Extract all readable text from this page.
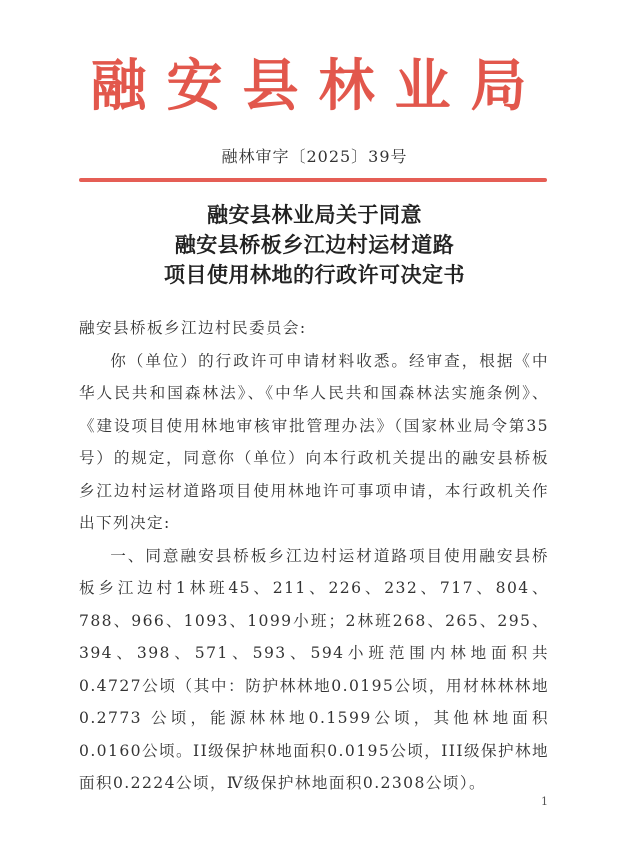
融安县林业局
融林审字〔2025〕39号
融安县林业局关于同意
融安县桥板乡江边村运材道路
项目使用林地的行政许可决定书

融安县桥板乡江边村民委员会:

你（单位）的行政许可申请材料收悉。经审查，根据《中华人民共和国森林法》、《中华人民共和国森林法实施条例》、《建设项目使用林地审核审批管理办法》（国家林业局令第35号）的规定，同意你（单位）向本行政机关提出的融安县桥板乡江边村运材道路项目使用林地许可事项申请，本行政机关作出下列决定:

一、同意融安县桥板乡江边村运材道路项目使用融安县桥板乡江边村1林班45、211、226、232、717、804、788、966、1093、1099小班；2林班268、265、295、394、398、571、593、594小班范围内林地面积共0.4727公顷（其中：防护林林地0.0195公顷，用材林林林地0.2773 公顷，能源林林地0.1599公顷，其他林地面积0.0160公顷。II级保护林地面积0.0195公顷，III级保护林地面积0.2224公顷，Ⅳ级保护林地面积0.2308公顷）。

1
